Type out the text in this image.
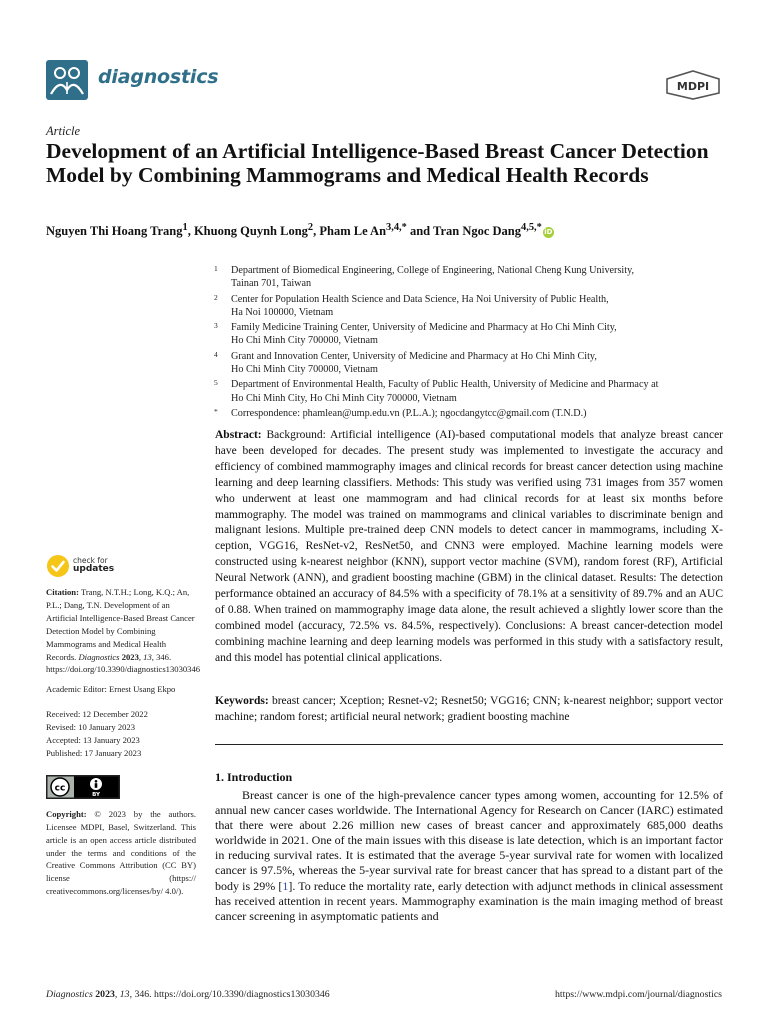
diagnostics	MDPI
Article
Development of an Artificial Intelligence-Based Breast Cancer Detection Model by Combining Mammograms and Medical Health Records
Nguyen Thi Hoang Trang$^1$, Khuong Quynh Long$^2$, Pham Le $An^{3,4,*}$ and Tran Ngoc Dang$^{4,5,*}$ iD
1 Department of Biomedical Engineering, College of Engineering, National Cheng Kung University,
Tainan 701, Taiwan
2 Center for Population Health Science and Data Science, Ha Noi University of Public Health,
Ha Noi 100000, Vietnam
3 Family Medicine Training Center, University of Medicine and Pharmacy at Ho Chi Minh City,
Ho Chi Minh City 700000, Vietnam
4 Grant and Innovation Center, University of Medicine and Pharmacy at Ho Chi Minh City,
Ho Chi Minh City 700000, Vietnam
5 Department of Environmental Health, Faculty of Public Health, University of Medicine and Pharmacy at
Ho Chi Minh City, Ho Chi Minh City 700000, Vietnam
* Correspondence: phamlean@ump.edu.vn (P.L.A.); ngocdangytcc@gmail.com (T.N.D.)
Abstract: Background: Artificial intelligence (AI)-based computational models that analyze breast cancer have been developed for decades. The present study was implemented to investigate the accuracy and efficiency of combined mammography images and clinical records for breast cancer detection using machine learning and deep learning classifiers. Methods: This study was verified using 731 images from 357 women who underwent at least one mammogram and had clinical records for at least six months before mammography. The model was trained on mammograms and clinical variables to discriminate benign and malignant lesions. Multiple pre-trained deep CNN models to detect cancer in mammograms, including X-ception, VGG16, ResNet-v2, ResNet50, and CNN3 were employed. Machine learning models were constructed using k-nearest neighbor (KNN), support vector machine (SVM), random forest (RF), Artificial Neural Network (ANN), and gradient boosting machine (GBM) in the clinical dataset. Results: The detection performance obtained an accuracy of 84.5% with a specificity of 78.1% at a sensitivity of 89.7% and an AUC of 0.88. When trained on mammography image data alone, the result achieved a slightly lower score than the combined model (accuracy, 72.5% vs. 84.5%, respectively). Conclusions: A breast cancer-detection model combining machine learning and deep learning models was performed in this study with a satisfactory result, and this model has potential clinical applications.
Keywords: breast cancer; Xception; Resnet-v2; Resnet50; VGG16; CNN; k-nearest neighbor; support vector machine; random forest; artificial neural network; gradient boosting machine
1. Introduction
Breast cancer is one of the high-prevalence cancer types among women, accounting for 12.5% of annual new cancer cases worldwide. The International Agency for Research on Cancer (IARC) estimated that there were about 2.26 million new cases of breast cancer and approximately 685,000 deaths worldwide in 2021. One of the main issues with this disease is late detection, which is an important factor in reducing survival rates. It is estimated that the average 5-year survival rate for women with localized cancer is 97.5%, whereas the 5-year survival rate for breast cancer that has spread to a distant part of the body is 29% [1]. To reduce the mortality rate, early detection with adjunct methods in clinical assessment has received attention in recent years. Mammography examination is the main imaging method of breast cancer screening in asymptomatic patients and
check for
updates
Citation: Trang, N.T.H.; Long, K.Q.; An, P.L.; Dang, T.N. Development of an Artificial Intelligence-Based Breast Cancer Detection Model by Combining Mammograms and Medical Health Records. Diagnostics 2023, 13, 346. https://doi.org/10.3390/diagnostics13030346
Academic Editor: Ernest Usang Ekpo
Received: 12 December 2022
Revised: 10 January 2023
Accepted: 13 January 2023
Published: 17 January 2023
cc
BY
Copyright: © 2023 by the authors. Licensee MDPI, Basel, Switzerland. This article is an open access article distributed under the terms and conditions of the Creative Commons Attribution (CC BY) license (https:// creativecommons.org/licenses/by/ 4.0/).
Diagnostics 2023, 13, 346. https://doi.org/10.3390/diagnostics13030346	https://www.mdpi.com/journal/diagnostics
